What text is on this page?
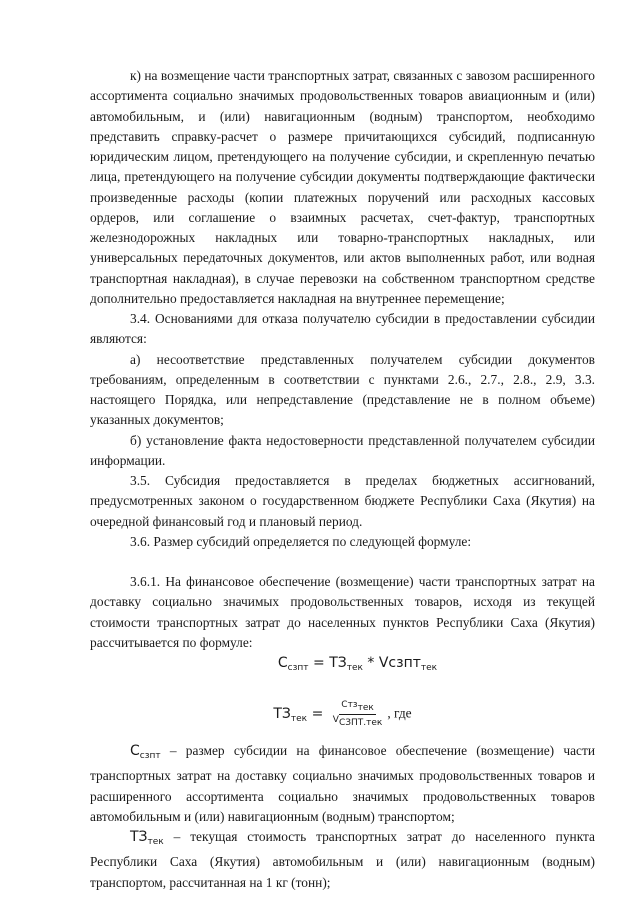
к) на возмещение части транспортных затрат, связанных с завозом расширенного ассортимента социально значимых продовольственных товаров авиационным и (или) автомобильным, и (или) навигационным (водным) транспортом, необходимо представить справку-расчет о размере причитающихся субсидий, подписанную юридическим лицом, претендующего на получение субсидии, и скрепленную печатью лица, претендующего на получение субсидии документы подтверждающие фактически произведенные расходы (копии платежных поручений или расходных кассовых ордеров, или соглашение о взаимных расчетах, счет-фактур, транспортных железнодорожных накладных или товарно-транспортных накладных, или универсальных передаточных документов, или актов выполненных работ, или водная транспортная накладная), в случае перевозки на собственном транспортном средстве дополнительно предоставляется накладная на внутреннее перемещение;

3.4. Основаниями для отказа получателю субсидии в предоставлении субсидии являются:

а) несоответствие представленных получателем субсидии документов требованиям, определенным в соответствии с пунктами 2.6., 2.7., 2.8., 2.9, 3.3. настоящего Порядка, или непредставление (представление не в полном объеме) указанных документов;

б) установление факта недостоверности представленной получателем субсидии информации.

3.5. Субсидия предоставляется в пределах бюджетных ассигнований, предусмотренных законом о государственном бюджете Республики Саха (Якутия) на очередной финансовый год и плановый период.

3.6. Размер субсидий определяется по следующей формуле:

3.6.1. На финансовое обеспечение (возмещение) части транспортных затрат на доставку социально значимых продовольственных товаров, исходя из текущей стоимости транспортных затрат до населенных пунктов Республики Саха (Якутия) рассчитывается по формуле:

$С_{сзпт} = ТЗ_{тек}$ * Vсзпт$_{тек}$

$ТЗ_{тек} = \frac{Стз_{тек}}{V_{СЗПТ.тек}}$ , где

$С_{сзпт}$ – размер субсидии на финансовое обеспечение (возмещение) части транспортных затрат на доставку социально значимых продовольственных товаров и расширенного ассортимента социально значимых продовольственных товаров автомобильным и (или) навигационным (водным) транспортом;

$ТЗ_{тек}$ – текущая стоимость транспортных затрат до населенного пункта Республики Саха (Якутия) автомобильным и (или) навигационным (водным) транспортом, рассчитанная на 1 кг (тонн);
